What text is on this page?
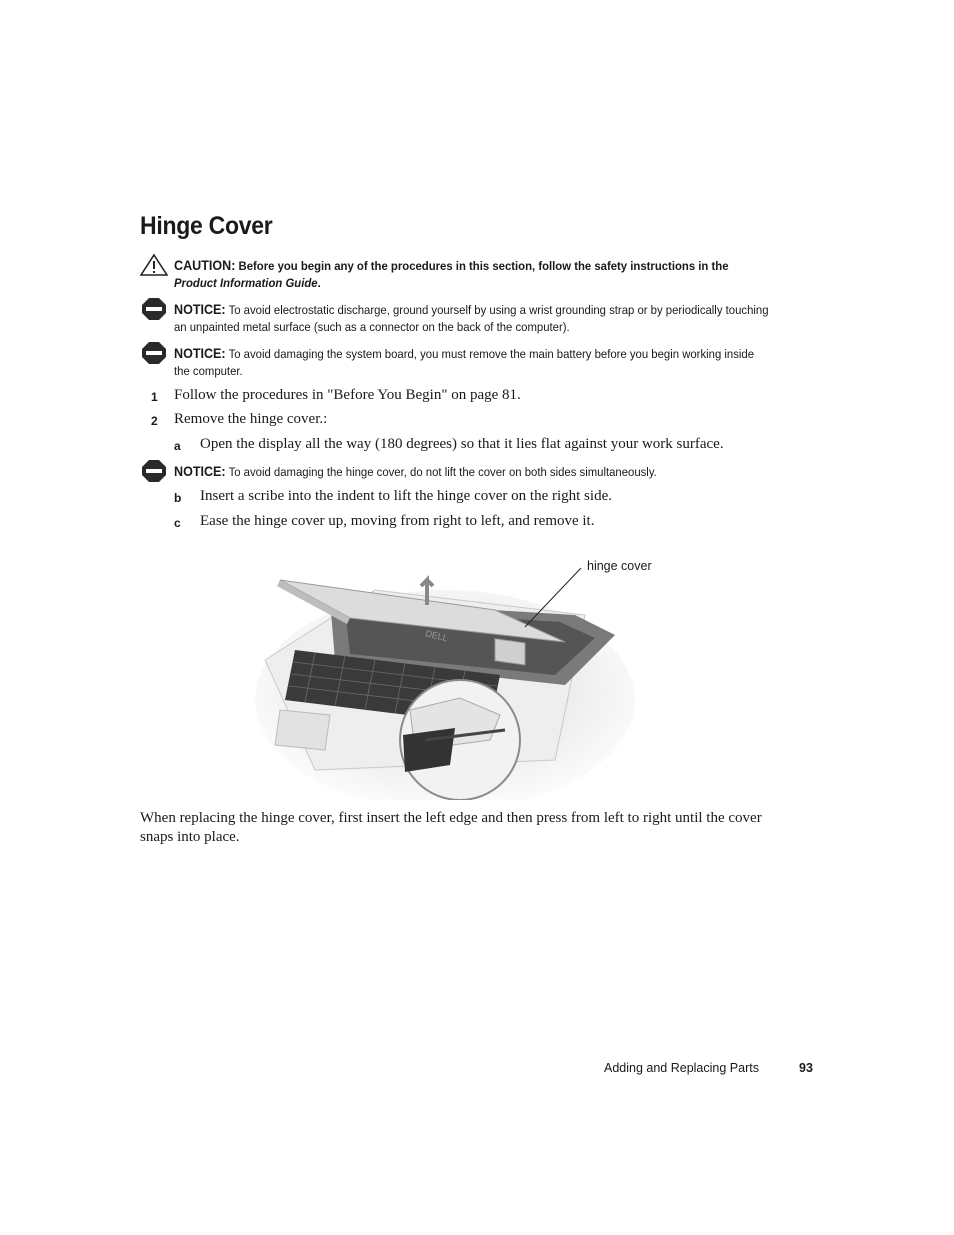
Hinge Cover
CAUTION: Before you begin any of the procedures in this section, follow the safety instructions in the Product Information Guide.
NOTICE: To avoid electrostatic discharge, ground yourself by using a wrist grounding strap or by periodically touching an unpainted metal surface (such as a connector on the back of the computer).
NOTICE: To avoid damaging the system board, you must remove the main battery before you begin working inside the computer.
1 Follow the procedures in "Before You Begin" on page 81.
2 Remove the hinge cover.:
a Open the display all the way (180 degrees) so that it lies flat against your work surface.
NOTICE: To avoid damaging the hinge cover, do not lift the cover on both sides simultaneously.
b Insert a scribe into the indent to lift the hinge cover on the right side.
c Ease the hinge cover up, moving from right to left, and remove it.
DELL
hinge cover
When replacing the hinge cover, first insert the left edge and then press from left to right until the cover snaps into place.
Adding and Replacing Parts	93
